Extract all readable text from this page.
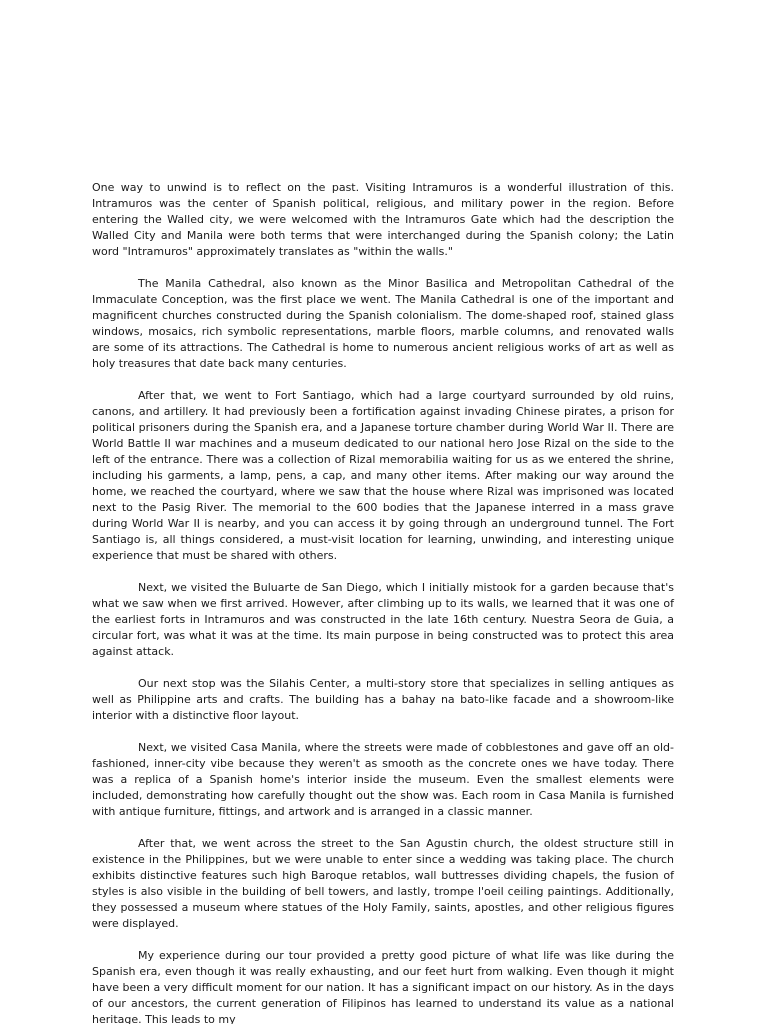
One way to unwind is to reflect on the past. Visiting Intramuros is a wonderful illustration of this. Intramuros was the center of Spanish political, religious, and military power in the region. Before entering the Walled city, we were welcomed with the Intramuros Gate which had the description the Walled City and Manila were both terms that were interchanged during the Spanish colony; the Latin word "Intramuros" approximately translates as "within the walls."

The Manila Cathedral, also known as the Minor Basilica and Metropolitan Cathedral of the Immaculate Conception, was the first place we went. The Manila Cathedral is one of the important and magnificent churches constructed during the Spanish colonialism. The dome-shaped roof, stained glass windows, mosaics, rich symbolic representations, marble floors, marble columns, and renovated walls are some of its attractions. The Cathedral is home to numerous ancient religious works of art as well as holy treasures that date back many centuries.

After that, we went to Fort Santiago, which had a large courtyard surrounded by old ruins, canons, and artillery. It had previously been a fortification against invading Chinese pirates, a prison for political prisoners during the Spanish era, and a Japanese torture chamber during World War II. There are World Battle II war machines and a museum dedicated to our national hero Jose Rizal on the side to the left of the entrance. There was a collection of Rizal memorabilia waiting for us as we entered the shrine, including his garments, a lamp, pens, a cap, and many other items. After making our way around the home, we reached the courtyard, where we saw that the house where Rizal was imprisoned was located next to the Pasig River. The memorial to the 600 bodies that the Japanese interred in a mass grave during World War II is nearby, and you can access it by going through an underground tunnel. The Fort Santiago is, all things considered, a must-visit location for learning, unwinding, and interesting unique experience that must be shared with others.

Next, we visited the Buluarte de San Diego, which I initially mistook for a garden because that's what we saw when we first arrived. However, after climbing up to its walls, we learned that it was one of the earliest forts in Intramuros and was constructed in the late 16th century. Nuestra Seora de Guia, a circular fort, was what it was at the time. Its main purpose in being constructed was to protect this area against attack.

Our next stop was the Silahis Center, a multi-story store that specializes in selling antiques as well as Philippine arts and crafts. The building has a bahay na bato-like facade and a showroom-like interior with a distinctive floor layout.

Next, we visited Casa Manila, where the streets were made of cobblestones and gave off an old-fashioned, inner-city vibe because they weren't as smooth as the concrete ones we have today. There was a replica of a Spanish home's interior inside the museum. Even the smallest elements were included, demonstrating how carefully thought out the show was. Each room in Casa Manila is furnished with antique furniture, fittings, and artwork and is arranged in a classic manner.

After that, we went across the street to the San Agustin church, the oldest structure still in existence in the Philippines, but we were unable to enter since a wedding was taking place. The church exhibits distinctive features such high Baroque retablos, wall buttresses dividing chapels, the fusion of styles is also visible in the building of bell towers, and lastly, trompe l'oeil ceiling paintings. Additionally, they possessed a museum where statues of the Holy Family, saints, apostles, and other religious figures were displayed.

My experience during our tour provided a pretty good picture of what life was like during the Spanish era, even though it was really exhausting, and our feet hurt from walking. Even though it might have been a very difficult moment for our nation. It has a significant impact on our history. As in the days of our ancestors, the current generation of Filipinos has learned to understand its value as a national heritage. This leads to my
